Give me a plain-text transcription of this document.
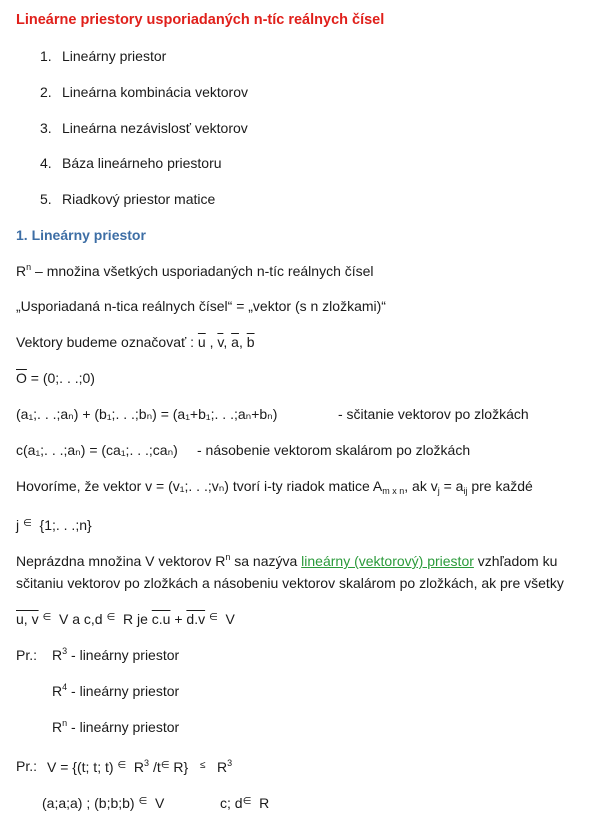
Lineárne priestory usporiadaných n-tíc reálnych čísel
1. Lineárny priestor
2. Lineárna kombinácia vektorov
3. Lineárna nezávislosť vektorov
4. Báza lineárneho priestoru
5. Riadkový priestor matice
1. Lineárny priestor
$R^n$ – množina všetkých usporiadaných n-tíc reálnych čísel
„Usporiadaná n-tica reálnych čísel“ = „vektor (s n zložkami)“
Vektory budeme označovať : $\overline{u}$ , $\overline{v}$, $\overline{a}$, $\overline{b}$
$\overline{O} = (0$;. . .;0)
(a₁;. . .;aₙ) + (b₁;. . .;bₙ) = (a₁+b₁;. . .;aₙ+bₙ)	- sčitanie vektorov po zložkách
c(a₁;. . .;aₙ) = (ca₁;. . .;caₙ) - násobenie vektorom skalárom po zložkách
Hovoríme, že vektor v = (v₁;. . .;vₙ) tvorí i-ty riadok matice $A_{m x n}$, ak $v_j = a_{ij}$ pre každé
j ∈ {1;. . .;n}
Neprázdna množina V vektorov $R^n$ sa nazýva lineárny (vektorový) priestor vzhľadom ku
sčitaniu vektorov po zložkách a násobeniu vektorov skalárom po zložkách, ak pre všetky
u, v ∈ V a c,d ∈ R je c.u + d.v ∈ V
Pr.: $R^3$ - lineárny priestor
$R^4$ - lineárny priestor
$R^n$ - lineárny priestor
Pr.: V = {(t; t; t) ∈ $R^3$ /t∈ R} ≤ $R^3$
(a;a;a) ; (b;b;b) ∈ V	c; d∈ R
